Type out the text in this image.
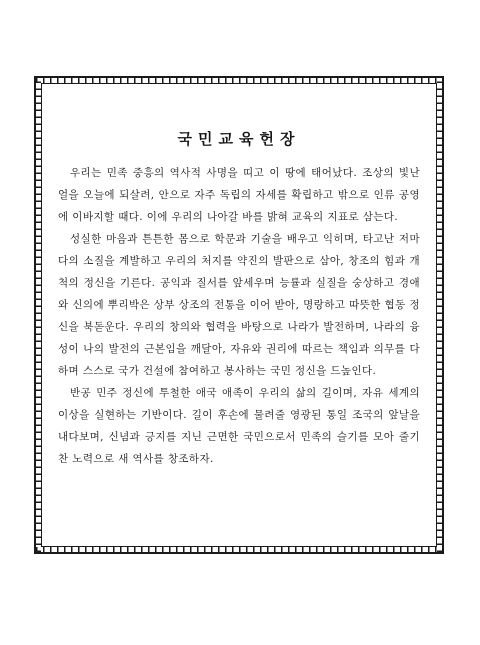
국민교육헌장

우리는 민족 중흥의 역사적 사명을 띠고 이 땅에 태어났다. 조상의 빛난 얼을 오늘에 되살려, 안으로 자주 독립의 자세를 확립하고 밖으로 인류 공영에 이바지할 때다. 이에 우리의 나아갈 바를 밝혀 교육의 지표로 삼는다.

성실한 마음과 튼튼한 몸으로 학문과 기술을 배우고 익히며, 타고난 저마다의 소질을 계발하고 우리의 처지를 약진의 발판으로 삼아, 창조의 힘과 개척의 정신을 기른다. 공익과 질서를 앞세우며 능률과 실질을 숭상하고 경애와 신의에 뿌리박은 상부 상조의 전통을 이어 받아, 명랑하고 따뜻한 협동 정신을 북돋운다. 우리의 창의와 협력을 바탕으로 나라가 발전하며, 나라의 융성이 나의 발전의 근본임을 깨달아, 자유와 권리에 따르는 책임과 의무를 다하며 스스로 국가 건설에 참여하고 봉사하는 국민 정신을 드높인다.

반공 민주 정신에 투철한 애국 애족이 우리의 삶의 길이며, 자유 세계의 이상을 실현하는 기반이다. 길이 후손에 물려줄 영광된 통일 조국의 앞날을 내다보며, 신념과 긍지를 지닌 근면한 국민으로서 민족의 슬기를 모아 줄기찬 노력으로 새 역사를 창조하자.
